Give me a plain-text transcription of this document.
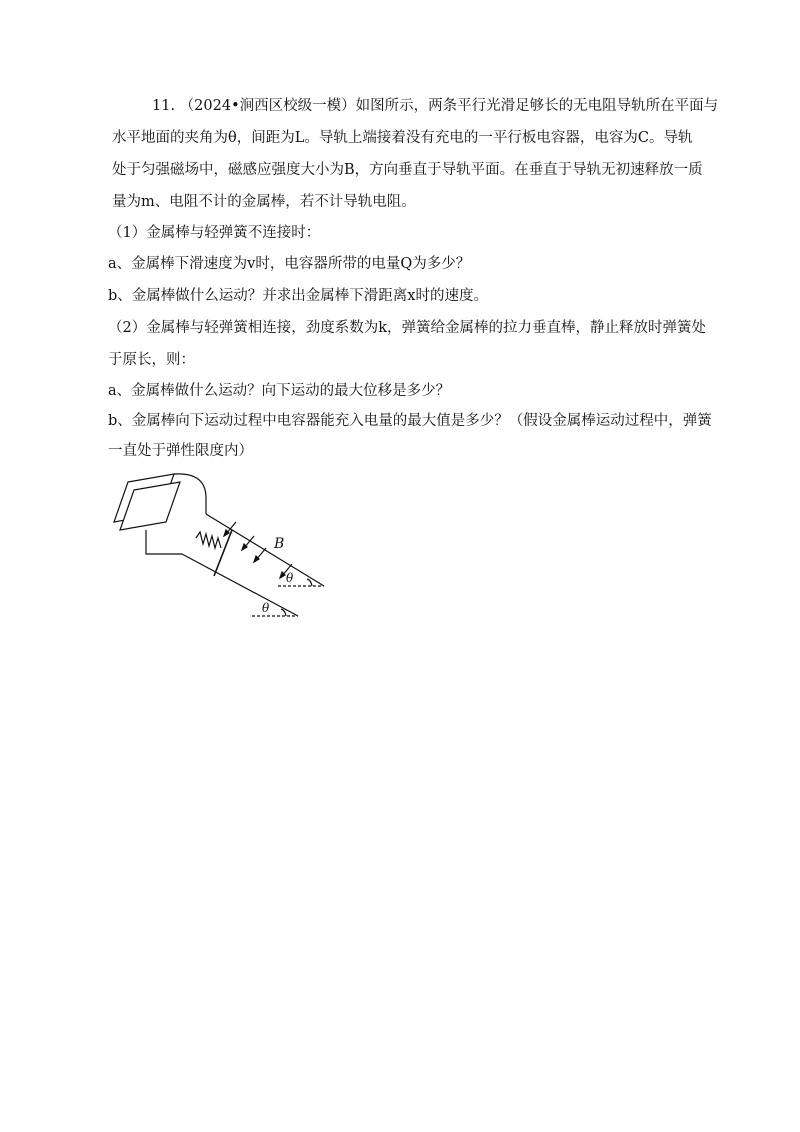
11. （2024•涧西区校级一模）如图所示，两条平行光滑足够长的无电阻导轨所在平面与
水平地面的夹角为θ，间距为L。导轨上端接着没有充电的一平行板电容器，电容为C。导轨
处于匀强磁场中，磁感应强度大小为B，方向垂直于导轨平面。在垂直于导轨无初速释放一质
量为m、电阻不计的金属棒，若不计导轨电阻。
（1）金属棒与轻弹簧不连接时：
a、金属棒下滑速度为v时，电容器所带的电量Q为多少？
b、金属棒做什么运动？并求出金属棒下滑距离x时的速度。
（2）金属棒与轻弹簧相连接，劲度系数为k，弹簧给金属棒的拉力垂直棒，静止释放时弹簧处
于原长，则：
a、金属棒做什么运动？向下运动的最大位移是多少？
b、金属棒向下运动过程中电容器能充入电量的最大值是多少？（假设金属棒运动过程中，弹簧
一直处于弹性限度内）
B
θ
θ
